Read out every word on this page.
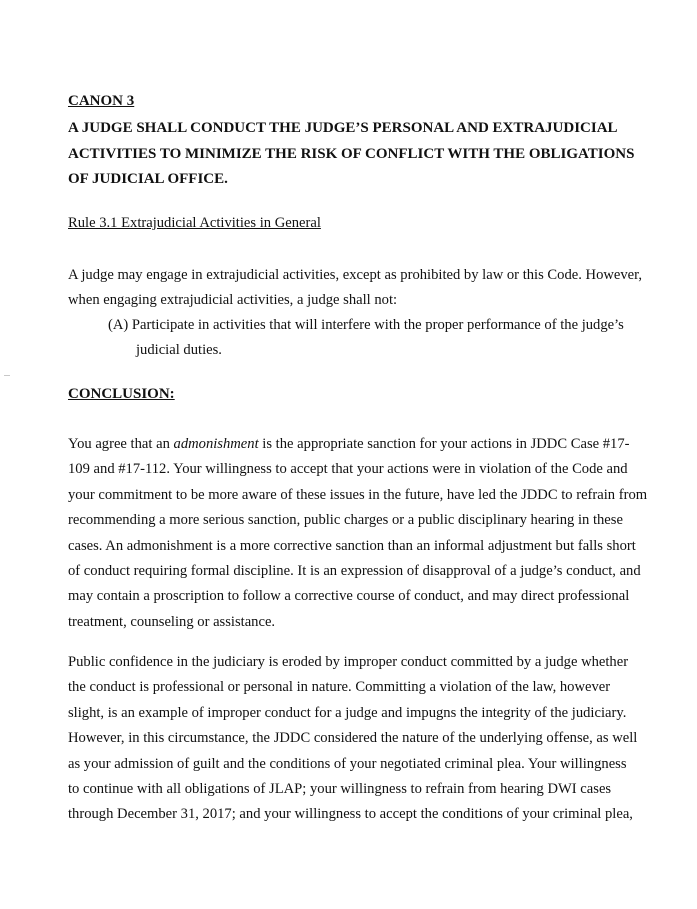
CANON 3
A JUDGE SHALL CONDUCT THE JUDGE’S PERSONAL AND EXTRAJUDICIAL
ACTIVITIES TO MINIMIZE THE RISK OF CONFLICT WITH THE OBLIGATIONS
OF JUDICIAL OFFICE.
Rule 3.1 Extrajudicial Activities in General
A judge may engage in extrajudicial activities, except as prohibited by law or this Code. However,
when engaging extrajudicial activities, a judge shall not:
(A) Participate in activities that will interfere with the proper performance of the judge’s
judicial duties.
CONCLUSION:
You agree that an admonishment is the appropriate sanction for your actions in JDDC Case #17-
109 and #17-112. Your willingness to accept that your actions were in violation of the Code and
your commitment to be more aware of these issues in the future, have led the JDDC to refrain from
recommending a more serious sanction, public charges or a public disciplinary hearing in these
cases. An admonishment is a more corrective sanction than an informal adjustment but falls short
of conduct requiring formal discipline. It is an expression of disapproval of a judge’s conduct, and
may contain a proscription to follow a corrective course of conduct, and may direct professional
treatment, counseling or assistance.
Public confidence in the judiciary is eroded by improper conduct committed by a judge whether
the conduct is professional or personal in nature. Committing a violation of the law, however
slight, is an example of improper conduct for a judge and impugns the integrity of the judiciary.
However, in this circumstance, the JDDC considered the nature of the underlying offense, as well
as your admission of guilt and the conditions of your negotiated criminal plea. Your willingness
to continue with all obligations of JLAP; your willingness to refrain from hearing DWI cases
through December 31, 2017; and your willingness to accept the conditions of your criminal plea,
